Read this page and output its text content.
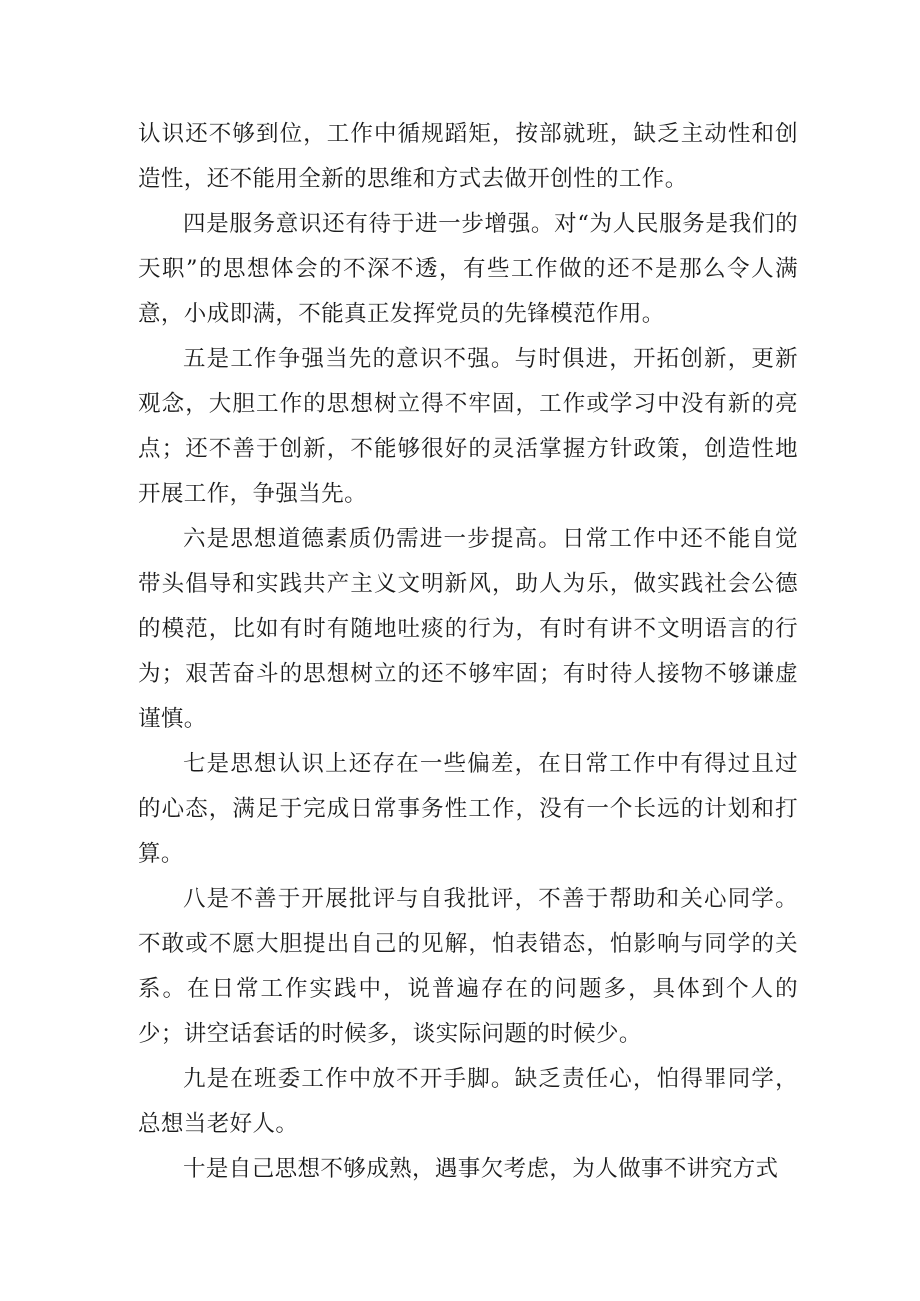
认识还不够到位，工作中循规蹈矩，按部就班，缺乏主动性和创造性，还不能用全新的思维和方式去做开创性的工作。

四是服务意识还有待于进一步增强。对“为人民服务是我们的天职”的思想体会的不深不透，有些工作做的还不是那么令人满意，小成即满，不能真正发挥党员的先锋模范作用。

五是工作争强当先的意识不强。与时俱进，开拓创新，更新观念，大胆工作的思想树立得不牢固，工作或学习中没有新的亮点；还不善于创新，不能够很好的灵活掌握方针政策，创造性地开展工作，争强当先。

六是思想道德素质仍需进一步提高。日常工作中还不能自觉带头倡导和实践共产主义文明新风，助人为乐，做实践社会公德的模范，比如有时有随地吐痰的行为，有时有讲不文明语言的行为；艰苦奋斗的思想树立的还不够牢固；有时待人接物不够谦虚谨慎。

七是思想认识上还存在一些偏差，在日常工作中有得过且过的心态，满足于完成日常事务性工作，没有一个长远的计划和打算。

八是不善于开展批评与自我批评，不善于帮助和关心同学。不敢或不愿大胆提出自己的见解，怕表错态，怕影响与同学的关系。在日常工作实践中，说普遍存在的问题多，具体到个人的少；讲空话套话的时候多，谈实际问题的时候少。

九是在班委工作中放不开手脚。缺乏责任心，怕得罪同学，总想当老好人。

十是自己思想不够成熟，遇事欠考虑，为人做事不讲究方式
